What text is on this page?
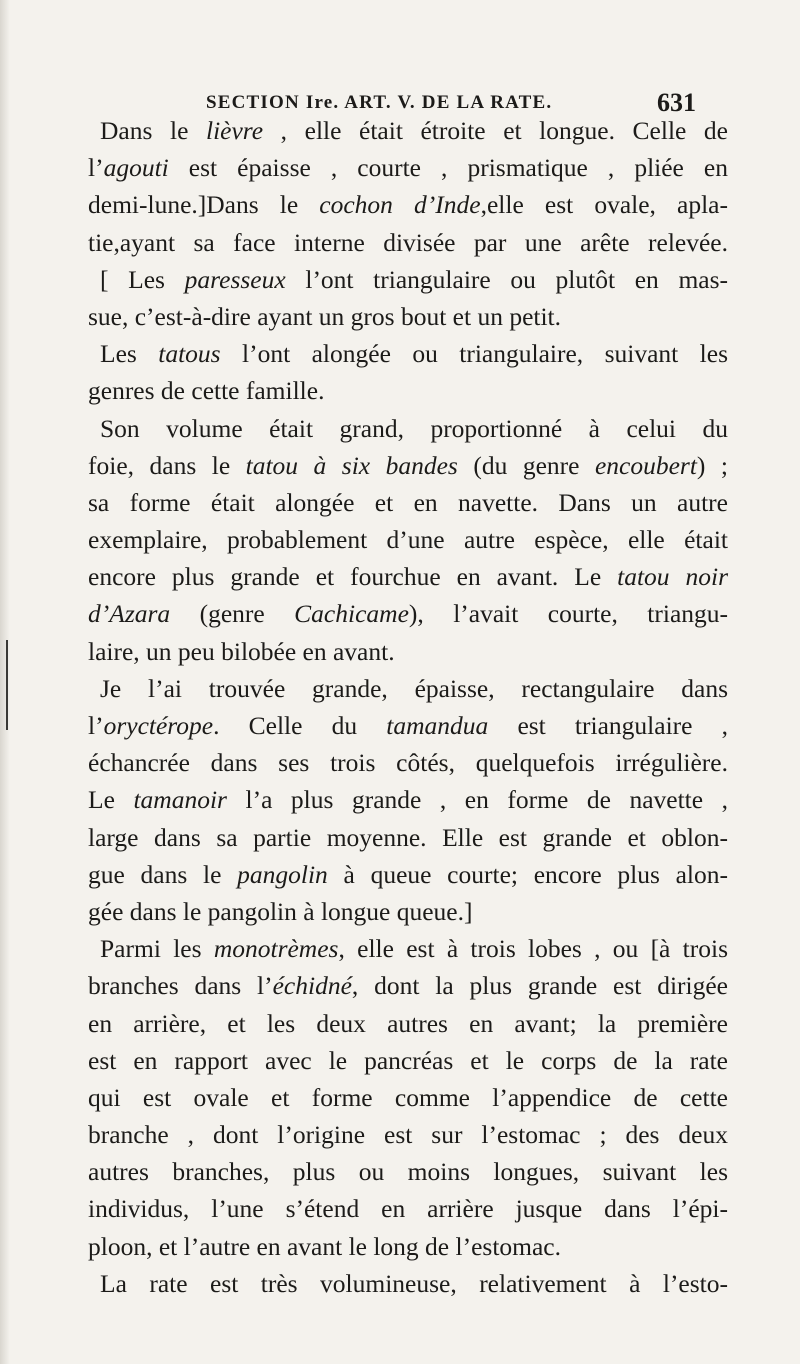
SECTION Ire. ART. V. DE LA RATE.	631
Dans le lièvre , elle était étroite et longue. Celle de
l’agouti est épaisse , courte , prismatique , pliée en
demi-lune.]Dans le cochon d’Inde,elle est ovale, apla-
tie,ayant sa face interne divisée par une arête relevée.
[ Les paresseux l’ont triangulaire ou plutôt en mas-
sue, c’est-à-dire ayant un gros bout et un petit.
Les tatous l’ont alongée ou triangulaire, suivant les
genres de cette famille.
Son volume était grand, proportionné à celui du
foie, dans le tatou à six bandes (du genre encoubert) ;
sa forme était alongée et en navette. Dans un autre
exemplaire, probablement d’une autre espèce, elle était
encore plus grande et fourchue en avant. Le tatou noir
d’Azara (genre Cachicame), l’avait courte, triangu-
laire, un peu bilobée en avant.
Je l’ai trouvée grande, épaisse, rectangulaire dans
l’oryctérope. Celle du tamandua est triangulaire ,
échancrée dans ses trois côtés, quelquefois irrégulière.
Le tamanoir l’a plus grande , en forme de navette ,
large dans sa partie moyenne. Elle est grande et oblon-
gue dans le pangolin à queue courte; encore plus alon-
gée dans le pangolin à longue queue.]
Parmi les monotrèmes, elle est à trois lobes , ou [à trois
branches dans l’échidné, dont la plus grande est dirigée
en arrière, et les deux autres en avant; la première
est en rapport avec le pancréas et le corps de la rate
qui est ovale et forme comme l’appendice de cette
branche , dont l’origine est sur l’estomac ; des deux
autres branches, plus ou moins longues, suivant les
individus, l’une s’étend en arrière jusque dans l’épi-
ploon, et l’autre en avant le long de l’estomac.
La rate est très volumineuse, relativement à l’esto-
